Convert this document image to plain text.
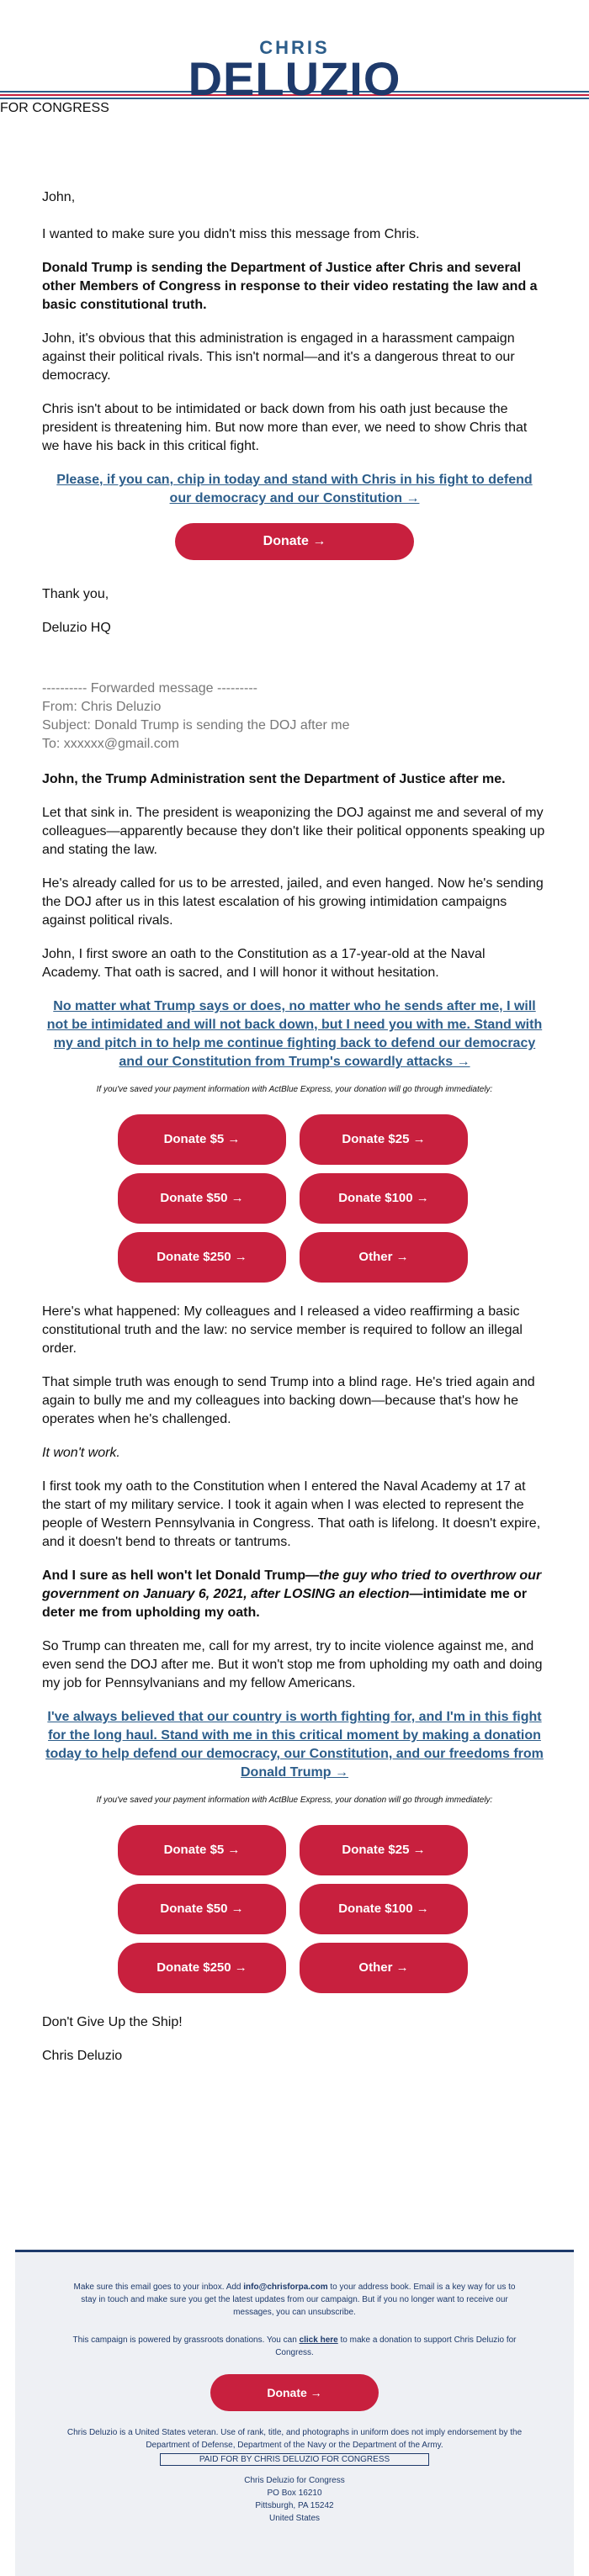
CHRIS
DELUZIO
FOR CONGRESS

John,

I wanted to make sure you didn't miss this message from Chris.

Donald Trump is sending the Department of Justice after Chris and several other Members of Congress in response to their video restating the law and a basic constitutional truth.

John, it's obvious that this administration is engaged in a harassment campaign against their political rivals. This isn't normal—and it's a dangerous threat to our democracy.

Chris isn't about to be intimidated or back down from his oath just because the president is threatening him. But now more than ever, we need to show Chris that we have his back in this critical fight.

Please, if you can, chip in today and stand with Chris in his fight to defend our democracy and our Constitution →
Donate →

Thank you,

Deluzio HQ

---------- Forwarded message ---------
From: Chris Deluzio
Subject: Donald Trump is sending the DOJ after me
To: xxxxxx@gmail.com

John, the Trump Administration sent the Department of Justice after me.

Let that sink in. The president is weaponizing the DOJ against me and several of my colleagues—apparently because they don't like their political opponents speaking up and stating the law.

He's already called for us to be arrested, jailed, and even hanged. Now he's sending the DOJ after us in this latest escalation of his growing intimidation campaigns against political rivals.

John, I first swore an oath to the Constitution as a 17-year-old at the Naval Academy. That oath is sacred, and I will honor it without hesitation.

No matter what Trump says or does, no matter who he sends after me, I will not be intimidated and will not back down, but I need you with me. Stand with my and pitch in to help me continue fighting back to defend our democracy and our Constitution from Trump's cowardly attacks →
If you've saved your payment information with ActBlue Express, your donation will go through immediately:
Donate $5 →	Donate $25 → Donate $50 →	Donate $100 → Donate $250 →	Other →

Here's what happened: My colleagues and I released a video reaffirming a basic constitutional truth and the law: no service member is required to follow an illegal order.

That simple truth was enough to send Trump into a blind rage. He's tried again and again to bully me and my colleagues into backing down—because that's how he operates when he's challenged.

It won't work.

I first took my oath to the Constitution when I entered the Naval Academy at 17 at the start of my military service. I took it again when I was elected to represent the people of Western Pennsylvania in Congress. That oath is lifelong. It doesn't expire, and it doesn't bend to threats or tantrums.

And I sure as hell won't let Donald Trump—the guy who tried to overthrow our government on January 6, 2021, after LOSING an election—intimidate me or deter me from upholding my oath.

So Trump can threaten me, call for my arrest, try to incite violence against me, and even send the DOJ after me. But it won't stop me from upholding my oath and doing my job for Pennsylvanians and my fellow Americans.

I've always believed that our country is worth fighting for, and I'm in this fight for the long haul. Stand with me in this critical moment by making a donation today to help defend our democracy, our Constitution, and our freedoms from Donald Trump →
If you've saved your payment information with ActBlue Express, your donation will go through immediately:
Donate $5 →	Donate $25 → Donate $50 →	Donate $100 → Donate $250 →	Other →

Don't Give Up the Ship!

Chris Deluzio

Make sure this email goes to your inbox. Add info@chrisforpa.com to your address book. Email is a key way for us to stay in touch and make sure you get the latest updates from our campaign. But if you no longer want to receive our messages, you can unsubscribe.

This campaign is powered by grassroots donations. You can click here to make a donation to support Chris Deluzio for Congress.

Donate →

Chris Deluzio is a United States veteran. Use of rank, title, and photographs in uniform does not imply endorsement by the Department of Defense, Department of the Navy or the Department of the Army.

PAID FOR BY CHRIS DELUZIO FOR CONGRESS

Chris Deluzio for Congress

PO Box 16210

Pittsburgh, PA 15242

United States
